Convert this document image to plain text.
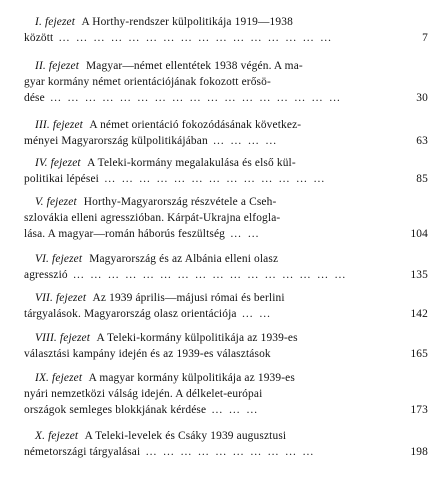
I. fejezet A Horthy-rendszer külpolitikája 1919—1938
között … … … … … … … … … … … … … … … …	7
II. fejezet Magyar—német ellentétek 1938 végén. A ma-
gyar kormány német orientációjának fokozott erősö-
dése … … … … … … … … … … … … … … … … …	30
III. fejezet A német orientáció fokozódásának következ-
ményei Magyarország külpolitikájában … … … …	63
IV. fejezet A Teleki-kormány megalakulása és első kül-
politikai lépései … … … … … … … … … … … … …	85
V. fejezet Horthy-Magyarország részvétele a Cseh-
szlovákia elleni agresszióban. Kárpát-Ukrajna elfogla-
lása. A magyar—román háborús feszültség … …	104
VI. fejezet Magyarország és az Albánia elleni olasz
agresszió … … … … … … … … … … … … … … … …	135
VII. fejezet Az 1939 április—májusi római és berlini
tárgyalások. Magyarország olasz orientációja … …	142
VIII. fejezet A Teleki-kormány külpolitikája az 1939-es
választási kampány idején és az 1939-es választások	165
IX. fejezet A magyar kormány külpolitikája az 1939-es
nyári nemzetközi válság idején. A délkelet-európai
országok semleges blokkjának kérdése … … …	173
X. fejezet A Teleki-levelek és Csáky 1939 augusztusi
németországi tárgyalásai … … … … … … … … … …	198
